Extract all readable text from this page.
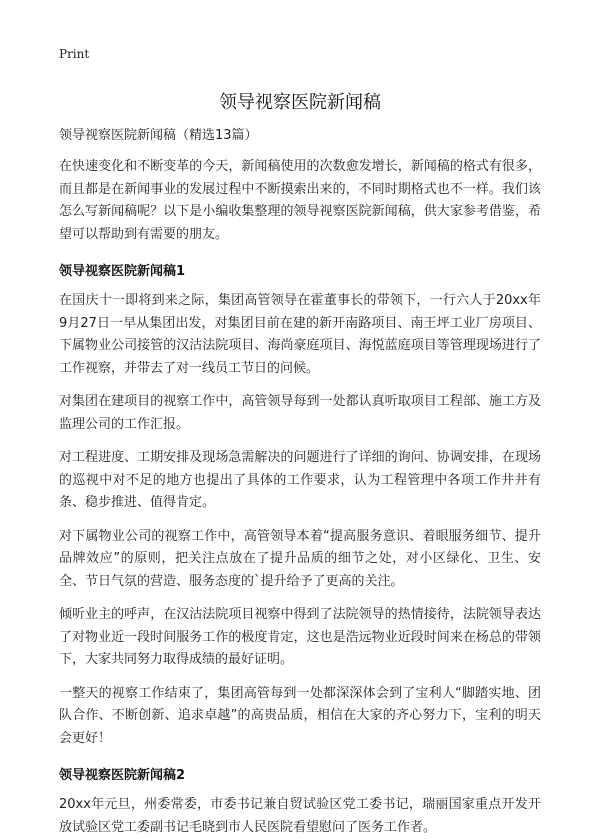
Print
领导视察医院新闻稿
领导视察医院新闻稿（精选13篇）

在快速变化和不断变革的今天，新闻稿使用的次数愈发增长，新闻稿的格式有很多，而且都是在新闻事业的发展过程中不断摸索出来的，不同时期格式也不一样。我们该怎么写新闻稿呢？以下是小编收集整理的领导视察医院新闻稿，供大家参考借鉴，希望可以帮助到有需要的朋友。

领导视察医院新闻稿1

在国庆十一即将到来之际，集团高管领导在霍董事长的带领下，一行六人于20xx年9月27日一早从集团出发，对集团目前在建的新开南路项目、南王坪工业厂房项目、下属物业公司接管的汉沽法院项目、海尚豪庭项目、海悦蓝庭项目等管理现场进行了工作视察，并带去了对一线员工节日的问候。

对集团在建项目的视察工作中，高管领导每到一处都认真听取项目工程部、施工方及监理公司的工作汇报。

对工程进度、工期安排及现场急需解决的问题进行了详细的询问、协调安排，在现场的巡视中对不足的地方也提出了具体的工作要求，认为工程管理中各项工作井井有条、稳步推进、值得肯定。

对下属物业公司的视察工作中，高管领导本着“提高服务意识、着眼服务细节、提升品牌效应”的原则，把关注点放在了提升品质的细节之处，对小区绿化、卫生、安全、节日气氛的营造、服务态度的`提升给予了更高的关注。

倾听业主的呼声，在汉沽法院项目视察中得到了法院领导的热情接待，法院领导表达了对物业近一段时间服务工作的极度肯定，这也是浩远物业近段时间来在杨总的带领下，大家共同努力取得成绩的最好证明。

一整天的视察工作结束了，集团高管每到一处都深深体会到了宝利人“脚踏实地、团队合作、不断创新、追求卓越”的高贵品质，相信在大家的齐心努力下，宝利的明天会更好！

领导视察医院新闻稿2

20xx年元旦，州委常委，市委书记兼自贸试验区党工委书记，瑞丽国家重点开发开放试验区党工委副书记毛晓到市人民医院看望慰问了医务工作者。
